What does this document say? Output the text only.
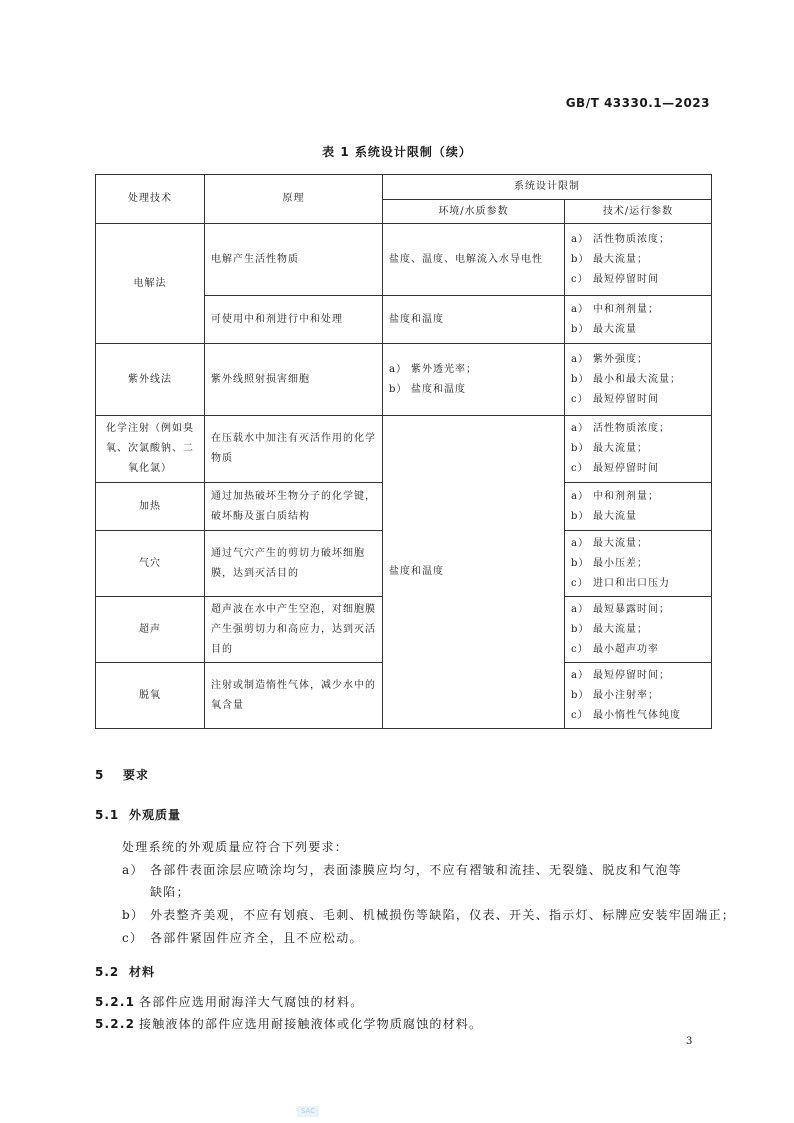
GB/T 43330.1—2023
表 1 系统设计限制（续）
处理技术	原理	系统设计限制	
		环境/水质参数	技术/运行参数
电解法	电解产生活性物质	盐度、温度、电解流入水导电性	a） 活性物质浓度；
b） 最大流量；
c） 最短停留时间

	可使用中和剂进行中和处理	盐度和温度	a） 中和剂剂量；
b） 最大流量

紫外线法	紫外线照射损害细胞	a） 紫外透光率；
b） 盐度和温度	a） 紫外强度；
b） 最小和最大流量；
c） 最短停留时间

化学注射（例如臭氧、次氯酸钠、二氧化氯）	在压载水中加注有灭活作用的化学物质	盐度和温度	a） 活性物质浓度；
b） 最大流量；
c） 最短停留时间

加热	通过加热破坏生物分子的化学键，破坏酶及蛋白质结构		a） 中和剂剂量；
b） 最大流量

气穴	通过气穴产生的剪切力破坏细胞膜，达到灭活目的		a） 最大流量；
b） 最小压差；
c） 进口和出口压力

超声	超声波在水中产生空泡，对细胞膜产生强剪切力和高应力，达到灭活目的		a） 最短暴露时间；
b） 最大流量；
c） 最小超声功率

脱氧	注射或制造惰性气体，减少水中的氧含量		a） 最短停留时间；
b） 最小注射率；
c） 最小惰性气体纯度
5 要求
5.1 外观质量
处理系统的外观质量应符合下列要求：
a） 各部件表面涂层应喷涂均匀，表面漆膜应均匀，不应有褶皱和流挂、无裂缝、脱皮和气泡等
缺陷；
b） 外表整齐美观，不应有划痕、毛刺、机械损伤等缺陷，仪表、开关、指示灯、标牌应安装牢固端正；
c） 各部件紧固件应齐全，且不应松动。
5.2 材料
5.2.1 各部件应选用耐海洋大气腐蚀的材料。
5.2.2 接触液体的部件应选用耐接触液体或化学物质腐蚀的材料。
3
SAC
